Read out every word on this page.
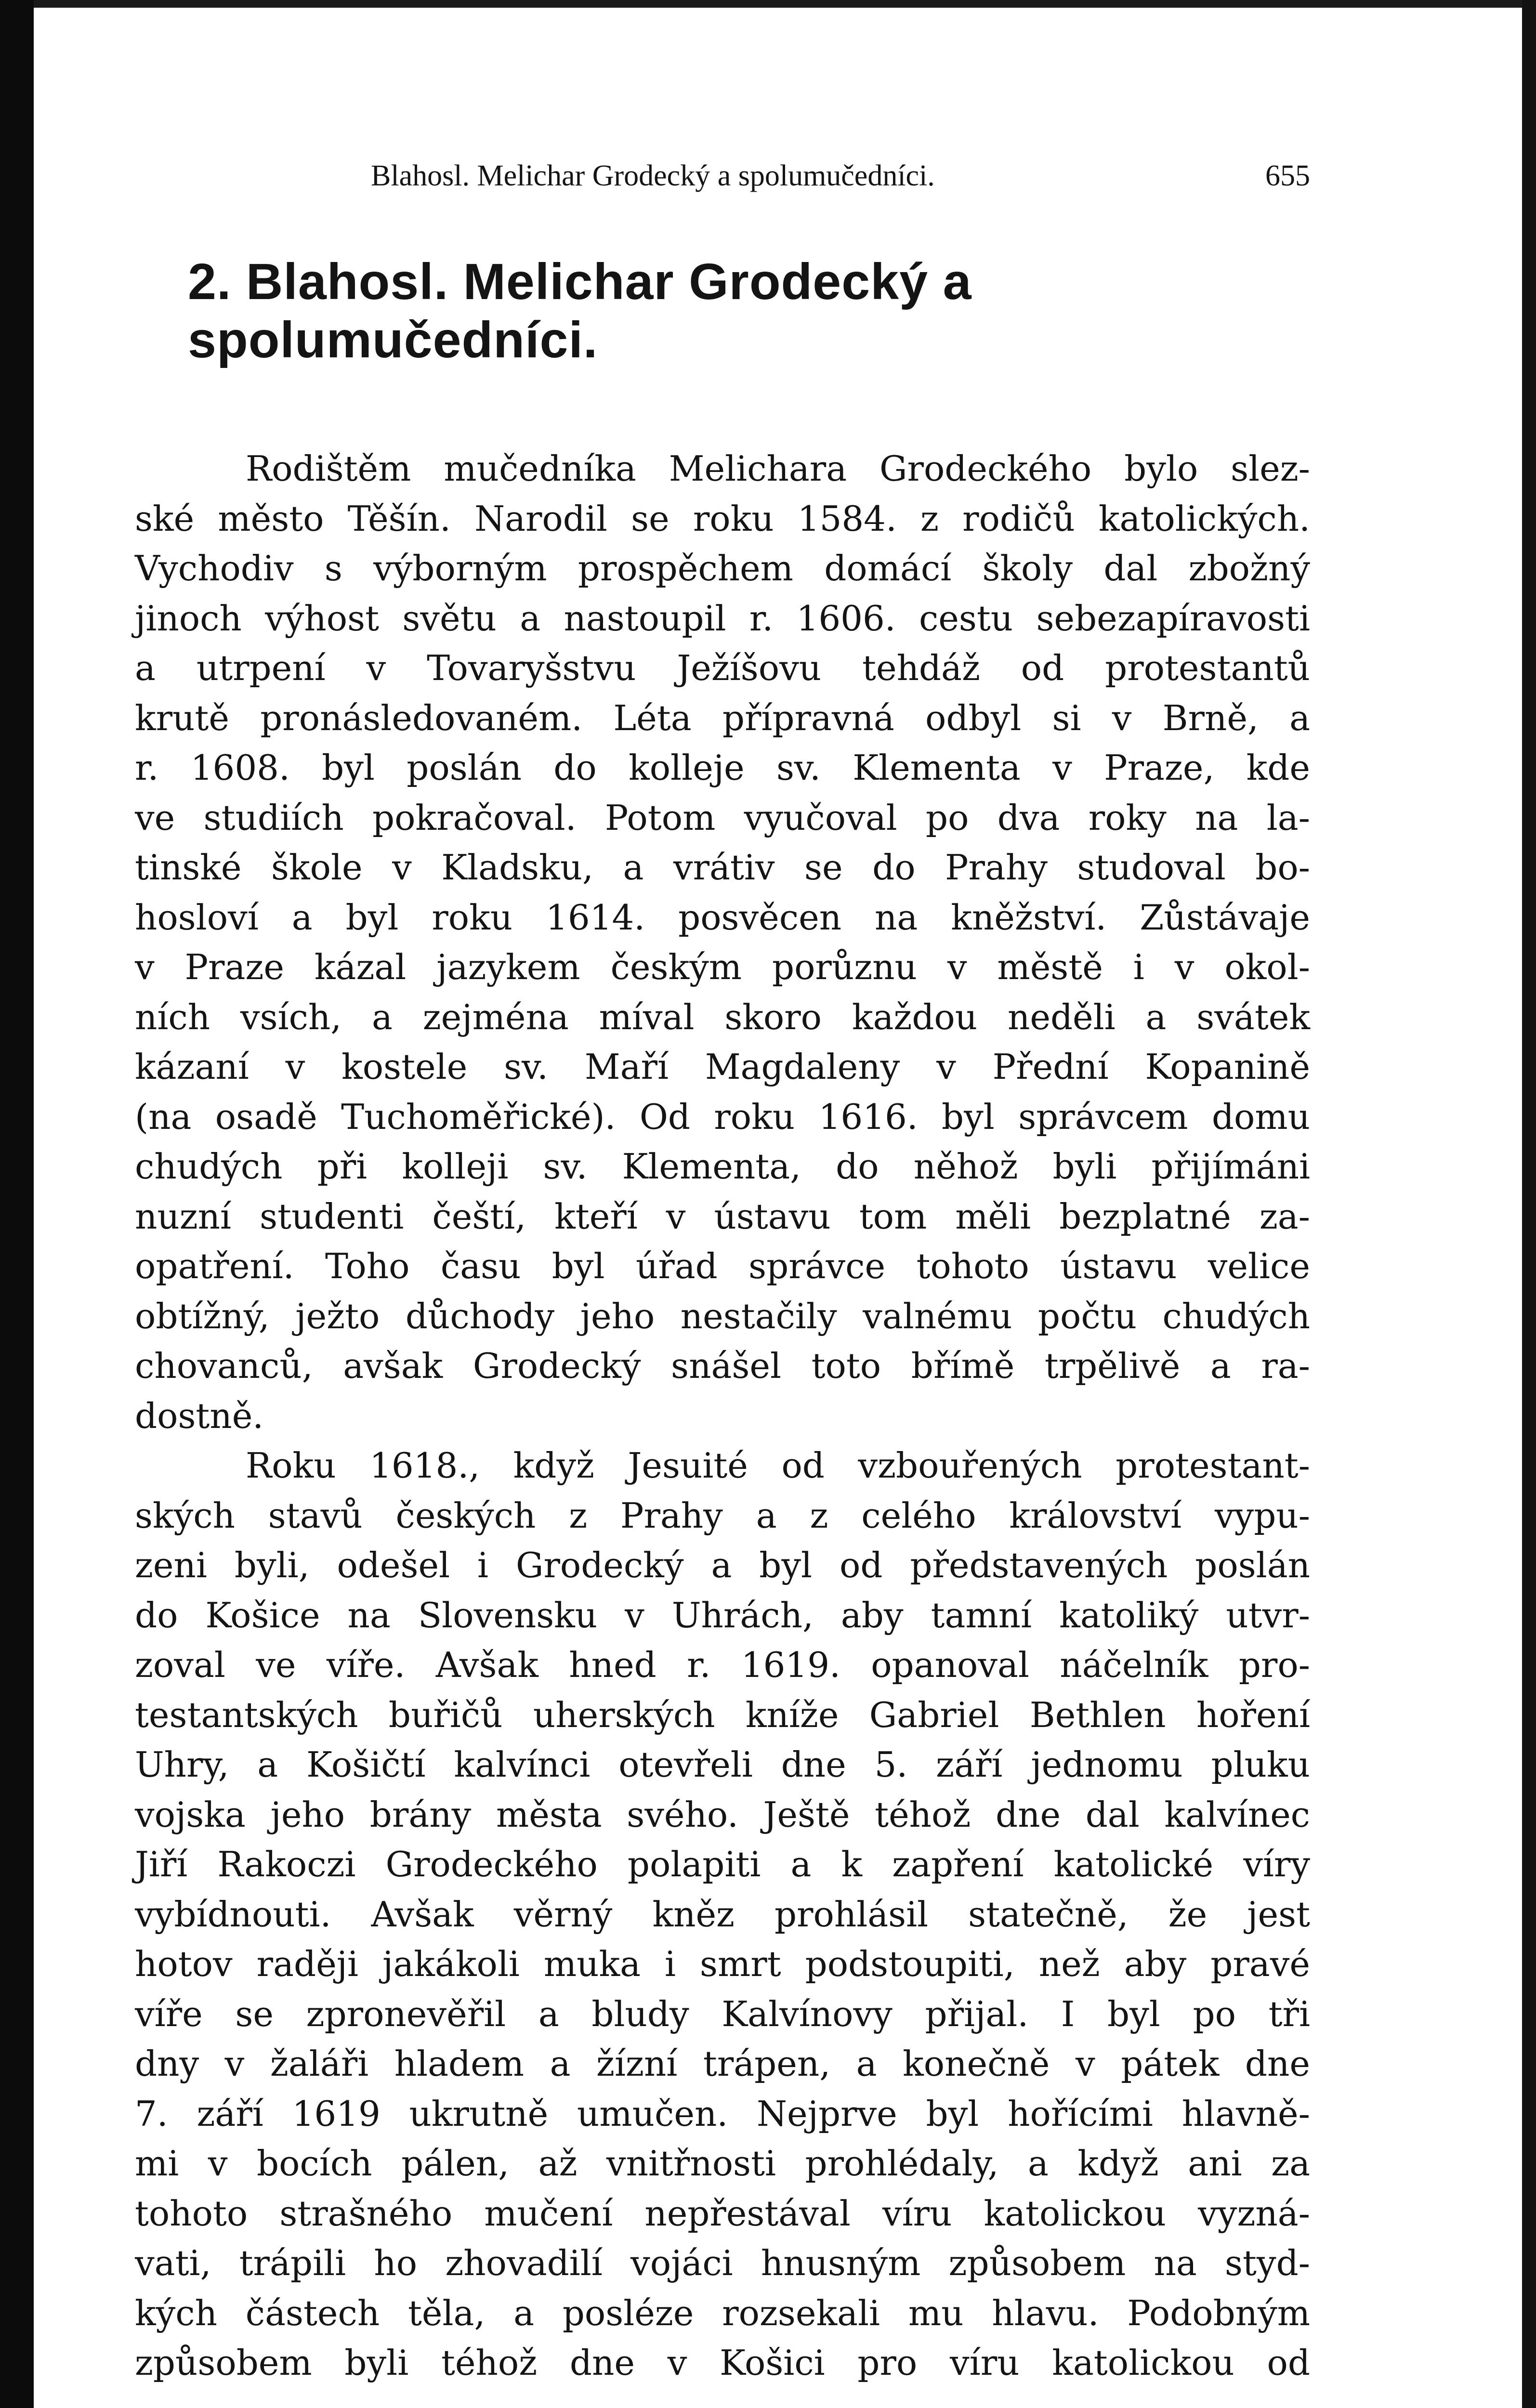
Blahosl. Melichar Grodecký a spolumučedníci.	655
2. Blahosl. Melichar Grodecký a spolumučedníci.
Rodištěm mučedníka Melichara Grodeckého bylo slez-
ské město Těšín. Narodil se roku 1584. z rodičů katolických.
Vychodiv s výborným prospěchem domácí školy dal zbožný
jinoch výhost světu a nastoupil r. 1606. cestu sebezapíravosti
a utrpení v Tovaryšstvu Ježíšovu tehdáž od protestantů
krutě pronásledovaném. Léta přípravná odbyl si v Brně, a
r. 1608. byl poslán do kolleje sv. Klementa v Praze, kde
ve studiích pokračoval. Potom vyučoval po dva roky na la-
tinské škole v Kladsku, a vrátiv se do Prahy studoval bo-
hosloví a byl roku 1614. posvěcen na kněžství. Zůstávaje
v Praze kázal jazykem českým porůznu v městě i v okol-
ních vsích, a zejména míval skoro každou neděli a svátek
kázaní v kostele sv. Maří Magdaleny v Přední Kopanině
(na osadě Tuchoměřické). Od roku 1616. byl správcem domu
chudých při kolleji sv. Klementa, do něhož byli přijímáni
nuzní studenti čeští, kteří v ústavu tom měli bezplatné za-
opatření. Toho času byl úřad správce tohoto ústavu velice
obtížný, ježto důchody jeho nestačily valnému počtu chudých
chovanců, avšak Grodecký snášel toto břímě trpělivě a ra-
dostně.
Roku 1618., když Jesuité od vzbouřených protestant-
ských stavů českých z Prahy a z celého království vypu-
zeni byli, odešel i Grodecký a byl od představených poslán
do Košice na Slovensku v Uhrách, aby tamní katoliký utvr-
zoval ve víře. Avšak hned r. 1619. opanoval náčelník pro-
testantských buřičů uherských kníže Gabriel Bethlen hoření
Uhry, a Košičtí kalvínci otevřeli dne 5. září jednomu pluku
vojska jeho brány města svého. Ještě téhož dne dal kalvínec
Jiří Rakoczi Grodeckého polapiti a k zapření katolické víry
vybídnouti. Avšak věrný kněz prohlásil statečně, že jest
hotov raději jakákoli muka i smrt podstoupiti, než aby pravé
víře se zpronevěřil a bludy Kalvínovy přijal. I byl po tři
dny v žaláři hladem a žízní trápen, a konečně v pátek dne
7. září 1619 ukrutně umučen. Nejprve byl hořícími hlavně-
mi v bocích pálen, až vnitřnosti prohlédaly, a když ani za
tohoto strašného mučení nepřestával víru katolickou vyzná-
vati, trápili ho zhovadilí vojáci hnusným způsobem na styd-
kých částech těla, a posléze rozsekali mu hlavu. Podobným
způsobem byli téhož dne v Košici pro víru katolickou od
